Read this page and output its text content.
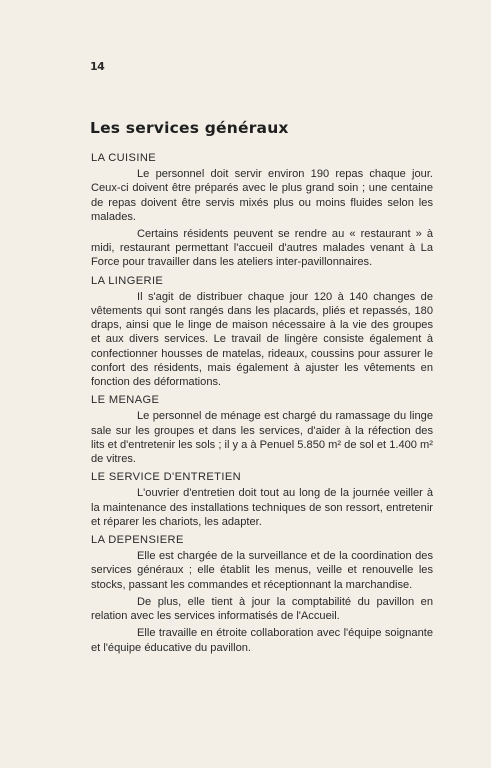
14
Les services généraux
LA CUISINE

Le personnel doit servir environ 190 repas chaque jour. Ceux-ci doivent être préparés avec le plus grand soin ; une centaine de repas doivent être servis mixés plus ou moins fluides selon les malades.

Certains résidents peuvent se rendre au « restaurant » à midi, restaurant permettant l'accueil d'autres malades venant à La Force pour travailler dans les ateliers inter-pavillonnaires.

LA LINGERIE

Il s'agit de distribuer chaque jour 120 à 140 changes de vêtements qui sont rangés dans les placards, pliés et repassés, 180 draps, ainsi que le linge de maison nécessaire à la vie des groupes et aux divers services. Le travail de lingère consiste également à confectionner housses de matelas, rideaux, coussins pour assurer le confort des résidents, mais également à ajuster les vêtements en fonction des déformations.

LE MENAGE

Le personnel de ménage est chargé du ramassage du linge sale sur les groupes et dans les services, d'aider à la réfection des lits et d'entretenir les sols ; il y a à Penuel 5.850 m² de sol et 1.400 m² de vitres.

LE SERVICE D'ENTRETIEN

L'ouvrier d'entretien doit tout au long de la journée veiller à la maintenance des installations techniques de son ressort, entretenir et réparer les chariots, les adapter.

LA DEPENSIERE

Elle est chargée de la surveillance et de la coordination des services généraux ; elle établit les menus, veille et renouvelle les stocks, passant les commandes et réceptionnant la marchandise.

De plus, elle tient à jour la comptabilité du pavillon en relation avec les services informatisés de l'Accueil.

Elle travaille en étroite collaboration avec l'équipe soignante et l'équipe éducative du pavillon.
